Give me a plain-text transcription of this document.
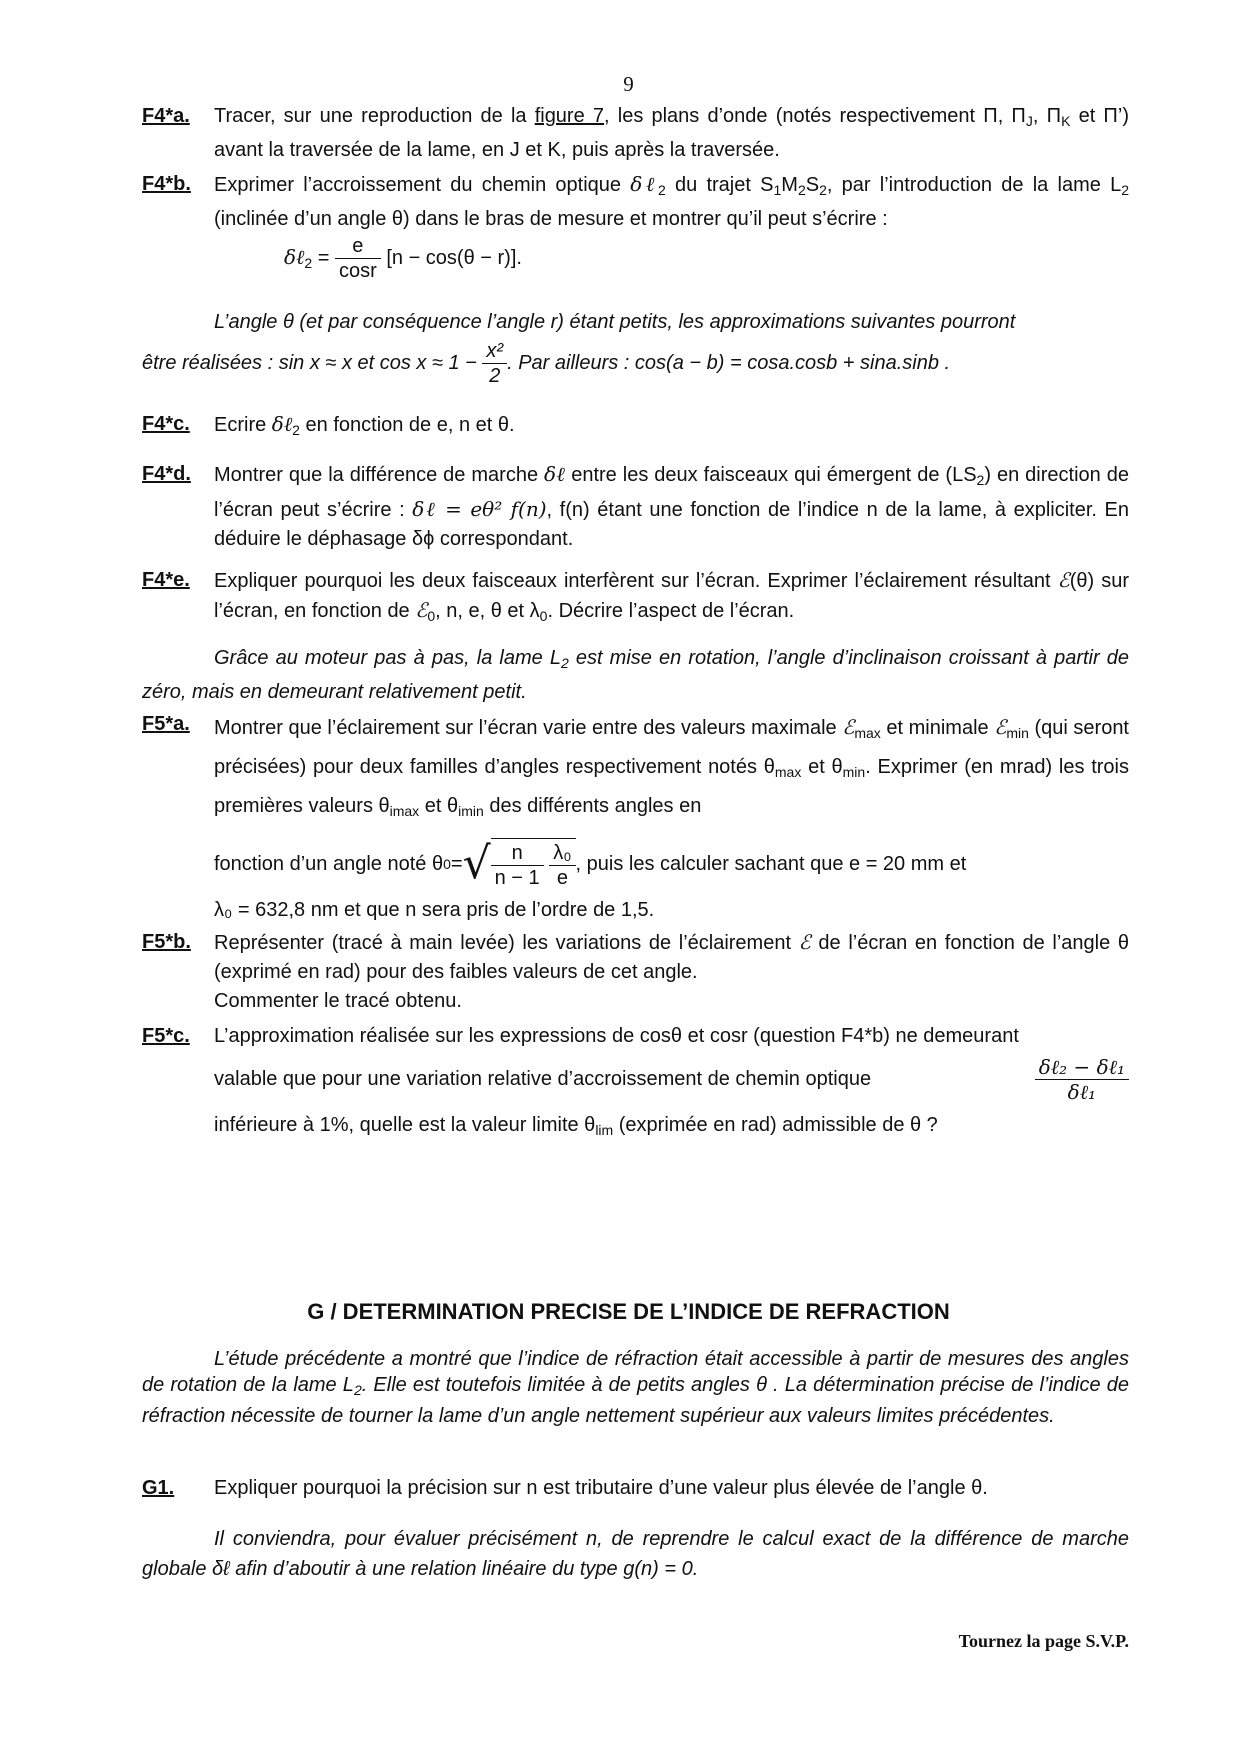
9
F4*a. Tracer, sur une reproduction de la figure 7, les plans d’onde (notés respectivement Π, $\Pi_J$, $\Pi_K$ et Π’) avant la traversée de la lame, en J et K, puis après la traversée.
F4*b. Exprimer l’accroissement du chemin optique δℓ$_2$ du trajet $S_1M_2S_2$, par l’introduction de la lame $L_2$ (inclinée d’un angle θ) dans le bras de mesure et montrer qu’il peut s’écrire :
δℓ$_2$ = $\frac{e}{\cos r} [n - \cos(\theta - r)]$.
L’angle θ (et par conséquence l’angle r) étant petits, les approximations suivantes pourront
être réalisées : sin x ≈ x et $\cos x \approx 1 - \frac{\text{x²}}{2}$ . Par ailleurs : cos(a − b) = cosa.cosb + sina.sinb .
F4*c. Ecrire δℓ$_2$ en fonction de e, n et θ.
F4*d. Montrer que la différence de marche δℓ entre les deux faisceaux qui émergent de $(LS_2)$ en direction de l’écran peut s’écrire : δℓ = eθ² f(n), f(n) étant une fonction de l’indice n de la lame, à expliciter. En déduire le déphasage δϕ correspondant.
F4*e. Expliquer pourquoi les deux faisceaux interfèrent sur l’écran. Exprimer l’éclairement résultant ℰ(θ) sur l’écran, en fonction de ℰ$_0$, n, e, θ et $\lambda_0$. Décrire l’aspect de l’écran.
Grâce au moteur pas à pas, la lame $L_2$ est mise en rotation, l’angle d’inclinaison croissant à partir de zéro, mais en demeurant relativement petit.
F5*a. Montrer que l’éclairement sur l’écran varie entre des valeurs maximale ℰ$_{max}$ et minimale ℰ$_{min}$ (qui seront précisées) pour deux familles d’angles respectivement notés $\theta_{max}$ et $\theta_{min}$. Exprimer (en mrad) les trois premières valeurs $\theta_{imax}$ et $\theta_{imin}$ des différents angles en
fonction d’un angle noté θ 0 = √ $\frac{n}{n - 1}$
$\frac{\text{λ₀}}{e}$ , puis les calculer sachant que e = 20 mm et
λ₀ = 632,8 nm et que n sera pris de l’ordre de 1,5.
F5*b. Représenter (tracé à main levée) les variations de l’éclairement ℰ de l’écran en fonction de l’angle θ (exprimé en rad) pour des faibles valeurs de cet angle.
Commenter le tracé obtenu.
F5*c. L’approximation réalisée sur les expressions de cosθ et cosr (question F4*b) ne demeurant
valable que pour une variation relative d’accroissement de chemin optique	$\frac{\text{δℓ₂ − δℓ₁}}{\text{δℓ₁}}$
inférieure à 1%, quelle est la valeur limite $\theta_{lim}$ (exprimée en rad) admissible de θ ?
G / DETERMINATION PRECISE DE L’INDICE DE REFRACTION
L’étude précédente a montré que l’indice de réfraction était accessible à partir de mesures des angles de rotation de la lame $L_2$. Elle est toutefois limitée à de petits angles θ . La détermination précise de l’indice de réfraction nécessite de tourner la lame d’un angle nettement supérieur aux valeurs limites précédentes.
G1. Expliquer pourquoi la précision sur n est tributaire d’une valeur plus élevée de l’angle θ.
Il conviendra, pour évaluer précisément n, de reprendre le calcul exact de la différence de marche globale δℓ afin d’aboutir à une relation linéaire du type g(n) = 0.
Tournez la page S.V.P.
